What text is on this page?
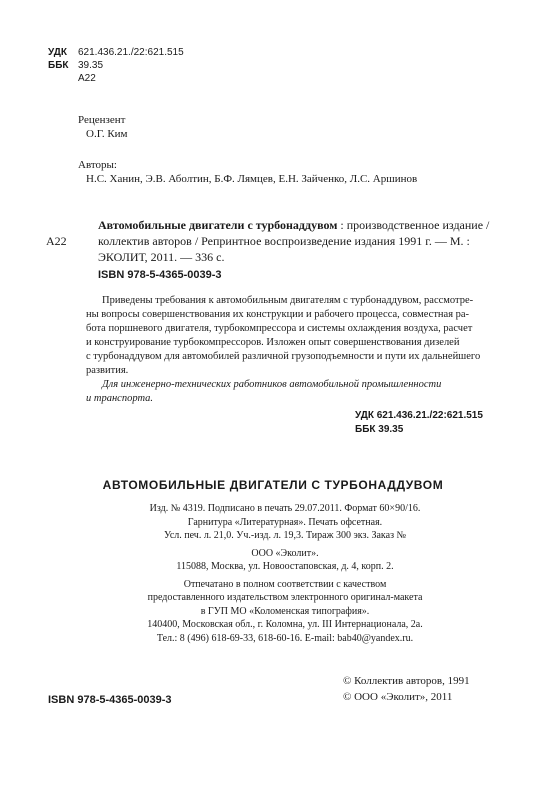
УДК 621.436.21./22:621.515
ББК 39.35
А22
Рецензент
О.Г. Ким
Авторы:
Н.С. Ханин, Э.В. Аболтин, Б.Ф. Лямцев, Е.Н. Зайченко, Л.С. Аршинов
А22
Автомобильные двигатели с турбонаддувом : производственное издание /
коллектив авторов / Репринтное воспроизведение издания 1991 г. — М. :
ЭКОЛИТ, 2011. — 336 с.
ISBN 978-5-4365-0039-3
Приведены требования к автомобильным двигателям с турбонаддувом, рассмотре-
ны вопросы совершенствования их конструкции и рабочего процесса, совместная ра-
бота поршневого двигателя, турбокомпрессора и системы охлаждения воздуха, расчет
и конструирование турбокомпрессоров. Изложен опыт совершенствования дизелей
с турбонаддувом для автомобилей различной грузоподъемности и пути их дальнейшего
развития.
Для инженерно-технических работников автомобильной промышленности
и транспорта.
УДК 621.436.21./22:621.515
ББК 39.35
АВТОМОБИЛЬНЫЕ ДВИГАТЕЛИ С ТУРБОНАДДУВОМ
Изд. № 4319. Подписано в печать 29.07.2011. Формат 60×90/16.
Гарнитура «Литературная». Печать офсетная.
Усл. печ. л. 21,0. Уч.-изд. л. 19,3. Тираж 300 экз. Заказ №
ООО «Эколит».
115088, Москва, ул. Новоостаповская, д. 4, корп. 2.
Отпечатано в полном соответствии с качеством
предоставленного издательством электронного оригинал-макета
в ГУП МО «Коломенская типография».
140400, Московская обл., г. Коломна, ул. III Интернационала, 2а.
Тел.: 8 (496) 618-69-33, 618-60-16. E-mail: bab40@yandex.ru.
ISBN 978-5-4365-0039-3
© Коллектив авторов, 1991
© ООО «Эколит», 2011
